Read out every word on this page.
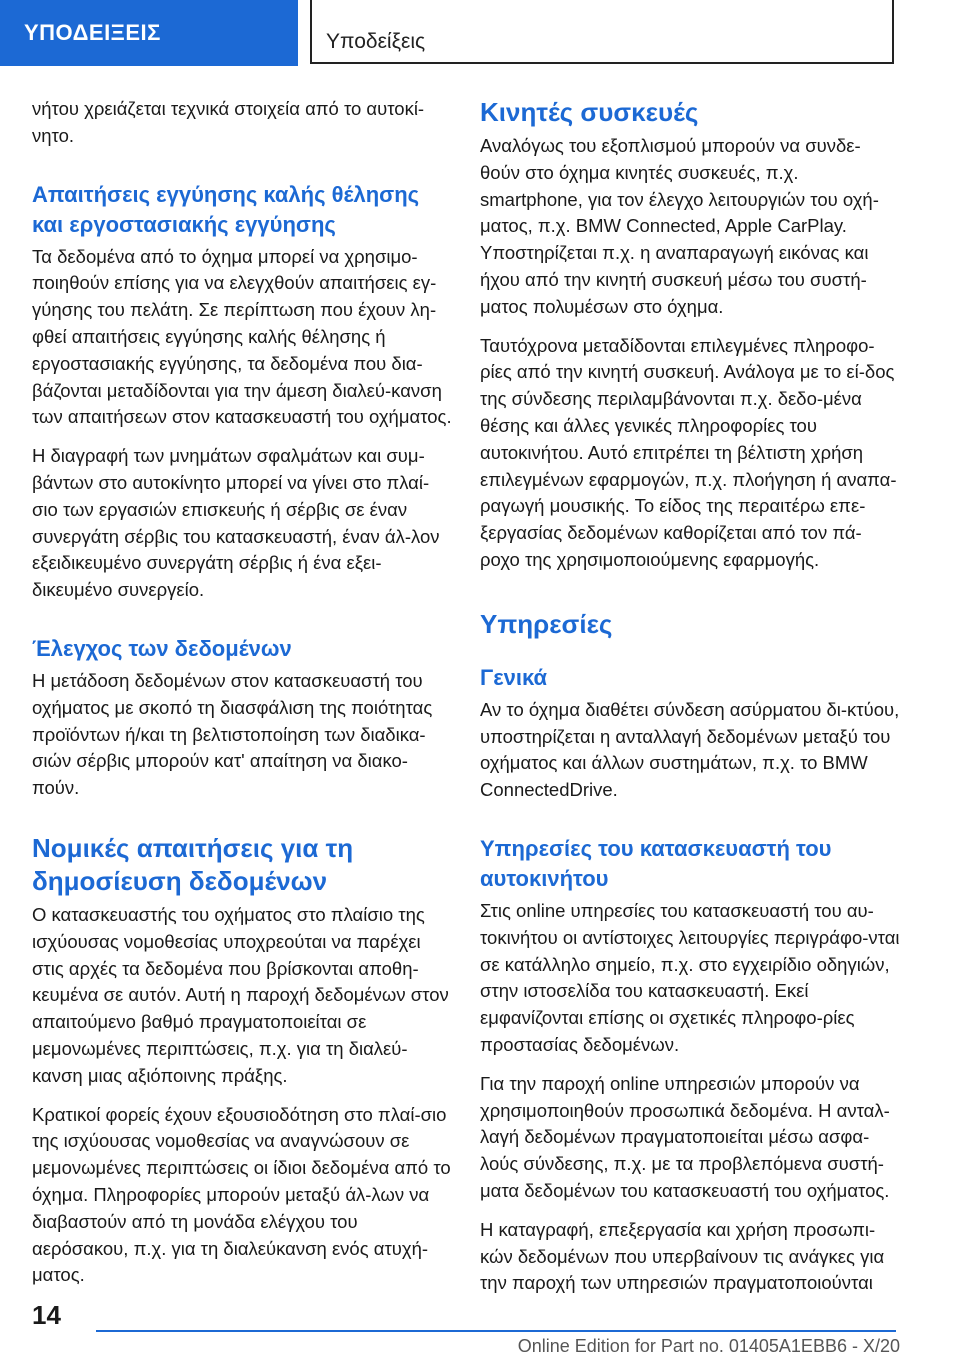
ΥΠΟΔΕΙΞΕΙΣ	Υποδείξεις

νήτου χρειάζεται τεχνικά στοιχεία από το αυτοκί-νητο.

Απαιτήσεις εγγύησης καλής θέλησης και εργοστασιακής εγγύησης

Τα δεδομένα από το όχημα μπορεί να χρησιμο-ποιηθούν επίσης για να ελεγχθούν απαιτήσεις εγ-γύησης του πελάτη. Σε περίπτωση που έχουν λη-φθεί απαιτήσεις εγγύησης καλής θέλησης ή εργοστασιακής εγγύησης, τα δεδομένα που δια-βάζονται μεταδίδονται για την άμεση διαλεύ-κανση των απαιτήσεων στον κατασκευαστή του οχήματος.

Η διαγραφή των μνημάτων σφαλμάτων και συμ-βάντων στο αυτοκίνητο μπορεί να γίνει στο πλαί-σιο των εργασιών επισκευής ή σέρβις σε έναν συνεργάτη σέρβις του κατασκευαστή, έναν άλ-λον εξειδικευμένο συνεργάτη σέρβις ή ένα εξει-δικευμένο συνεργείο.

Έλεγχος των δεδομένων

Η μετάδοση δεδομένων στον κατασκευαστή του οχήματος με σκοπό τη διασφάλιση της ποιότητας προϊόντων ή/και τη βελτιστοποίηση των διαδικα-σιών σέρβις μπορούν κατ' απαίτηση να διακο-πούν.

Νομικές απαιτήσεις για τη δημοσίευση δεδομένων

Ο κατασκευαστής του οχήματος στο πλαίσιο της ισχύουσας νομοθεσίας υποχρεούται να παρέχει στις αρχές τα δεδομένα που βρίσκονται αποθη-κευμένα σε αυτόν. Αυτή η παροχή δεδομένων στον απαιτούμενο βαθμό πραγματοποιείται σε μεμονωμένες περιπτώσεις, π.χ. για τη διαλεύ-κανση μιας αξιόποινης πράξης.

Κρατικοί φορείς έχουν εξουσιοδότηση στο πλαί-σιο της ισχύουσας νομοθεσίας να αναγνώσουν σε μεμονωμένες περιπτώσεις οι ίδιοι δεδομένα από το όχημα. Πληροφορίες μπορούν μεταξύ άλ-λων να διαβαστούν από τη μονάδα ελέγχου του αερόσακου, π.χ. για τη διαλεύκανση ενός ατυχή-ματος.

Κινητές συσκευές

Αναλόγως του εξοπλισμού μπορούν να συνδε-θούν στο όχημα κινητές συσκευές, π.χ. smartphone, για τον έλεγχο λειτουργιών του οχή-ματος, π.χ. BMW Connected, Apple CarPlay. Υποστηρίζεται π.χ. η αναπαραγωγή εικόνας και ήχου από την κινητή συσκευή μέσω του συστή-ματος πολυμέσων στο όχημα.

Ταυτόχρονα μεταδίδονται επιλεγμένες πληροφο-ρίες από την κινητή συσκευή. Ανάλογα με το εί-δος της σύνδεσης περιλαμβάνονται π.χ. δεδο-μένα θέσης και άλλες γενικές πληροφορίες του αυτοκινήτου. Αυτό επιτρέπει τη βέλτιστη χρήση επιλεγμένων εφαρμογών, π.χ. πλοήγηση ή αναπα-ραγωγή μουσικής. Το είδος της περαιτέρω επε-ξεργασίας δεδομένων καθορίζεται από τον πά-ροχο της χρησιμοποιούμενης εφαρμογής.

Υπηρεσίες
Γενικά

Αν το όχημα διαθέτει σύνδεση ασύρματου δι-κτύου, υποστηρίζεται η ανταλλαγή δεδομένων μεταξύ του οχήματος και άλλων συστημάτων, π.χ. το BMW ConnectedDrive.

Υπηρεσίες του κατασκευαστή του αυτοκινήτου

Στις online υπηρεσίες του κατασκευαστή του αυ-τοκινήτου οι αντίστοιχες λειτουργίες περιγράφο-νται σε κατάλληλο σημείο, π.χ. στο εγχειρίδιο οδηγιών, στην ιστοσελίδα του κατασκευαστή. Εκεί εμφανίζονται επίσης οι σχετικές πληροφο-ρίες προστασίας δεδομένων.

Για την παροχή online υπηρεσιών μπορούν να χρησιμοποιηθούν προσωπικά δεδομένα. Η ανταλ-λαγή δεδομένων πραγματοποιείται μέσω ασφα-λούς σύνδεσης, π.χ. με τα προβλεπόμενα συστή-ματα δεδομένων του κατασκευαστή του οχήματος.

Η καταγραφή, επεξεργασία και χρήση προσωπι-κών δεδομένων που υπερβαίνουν τις ανάγκες για την παροχή των υπηρεσιών πραγματοποιούνται

14
Online Edition for Part no. 01405A1EBB6 - X/20
